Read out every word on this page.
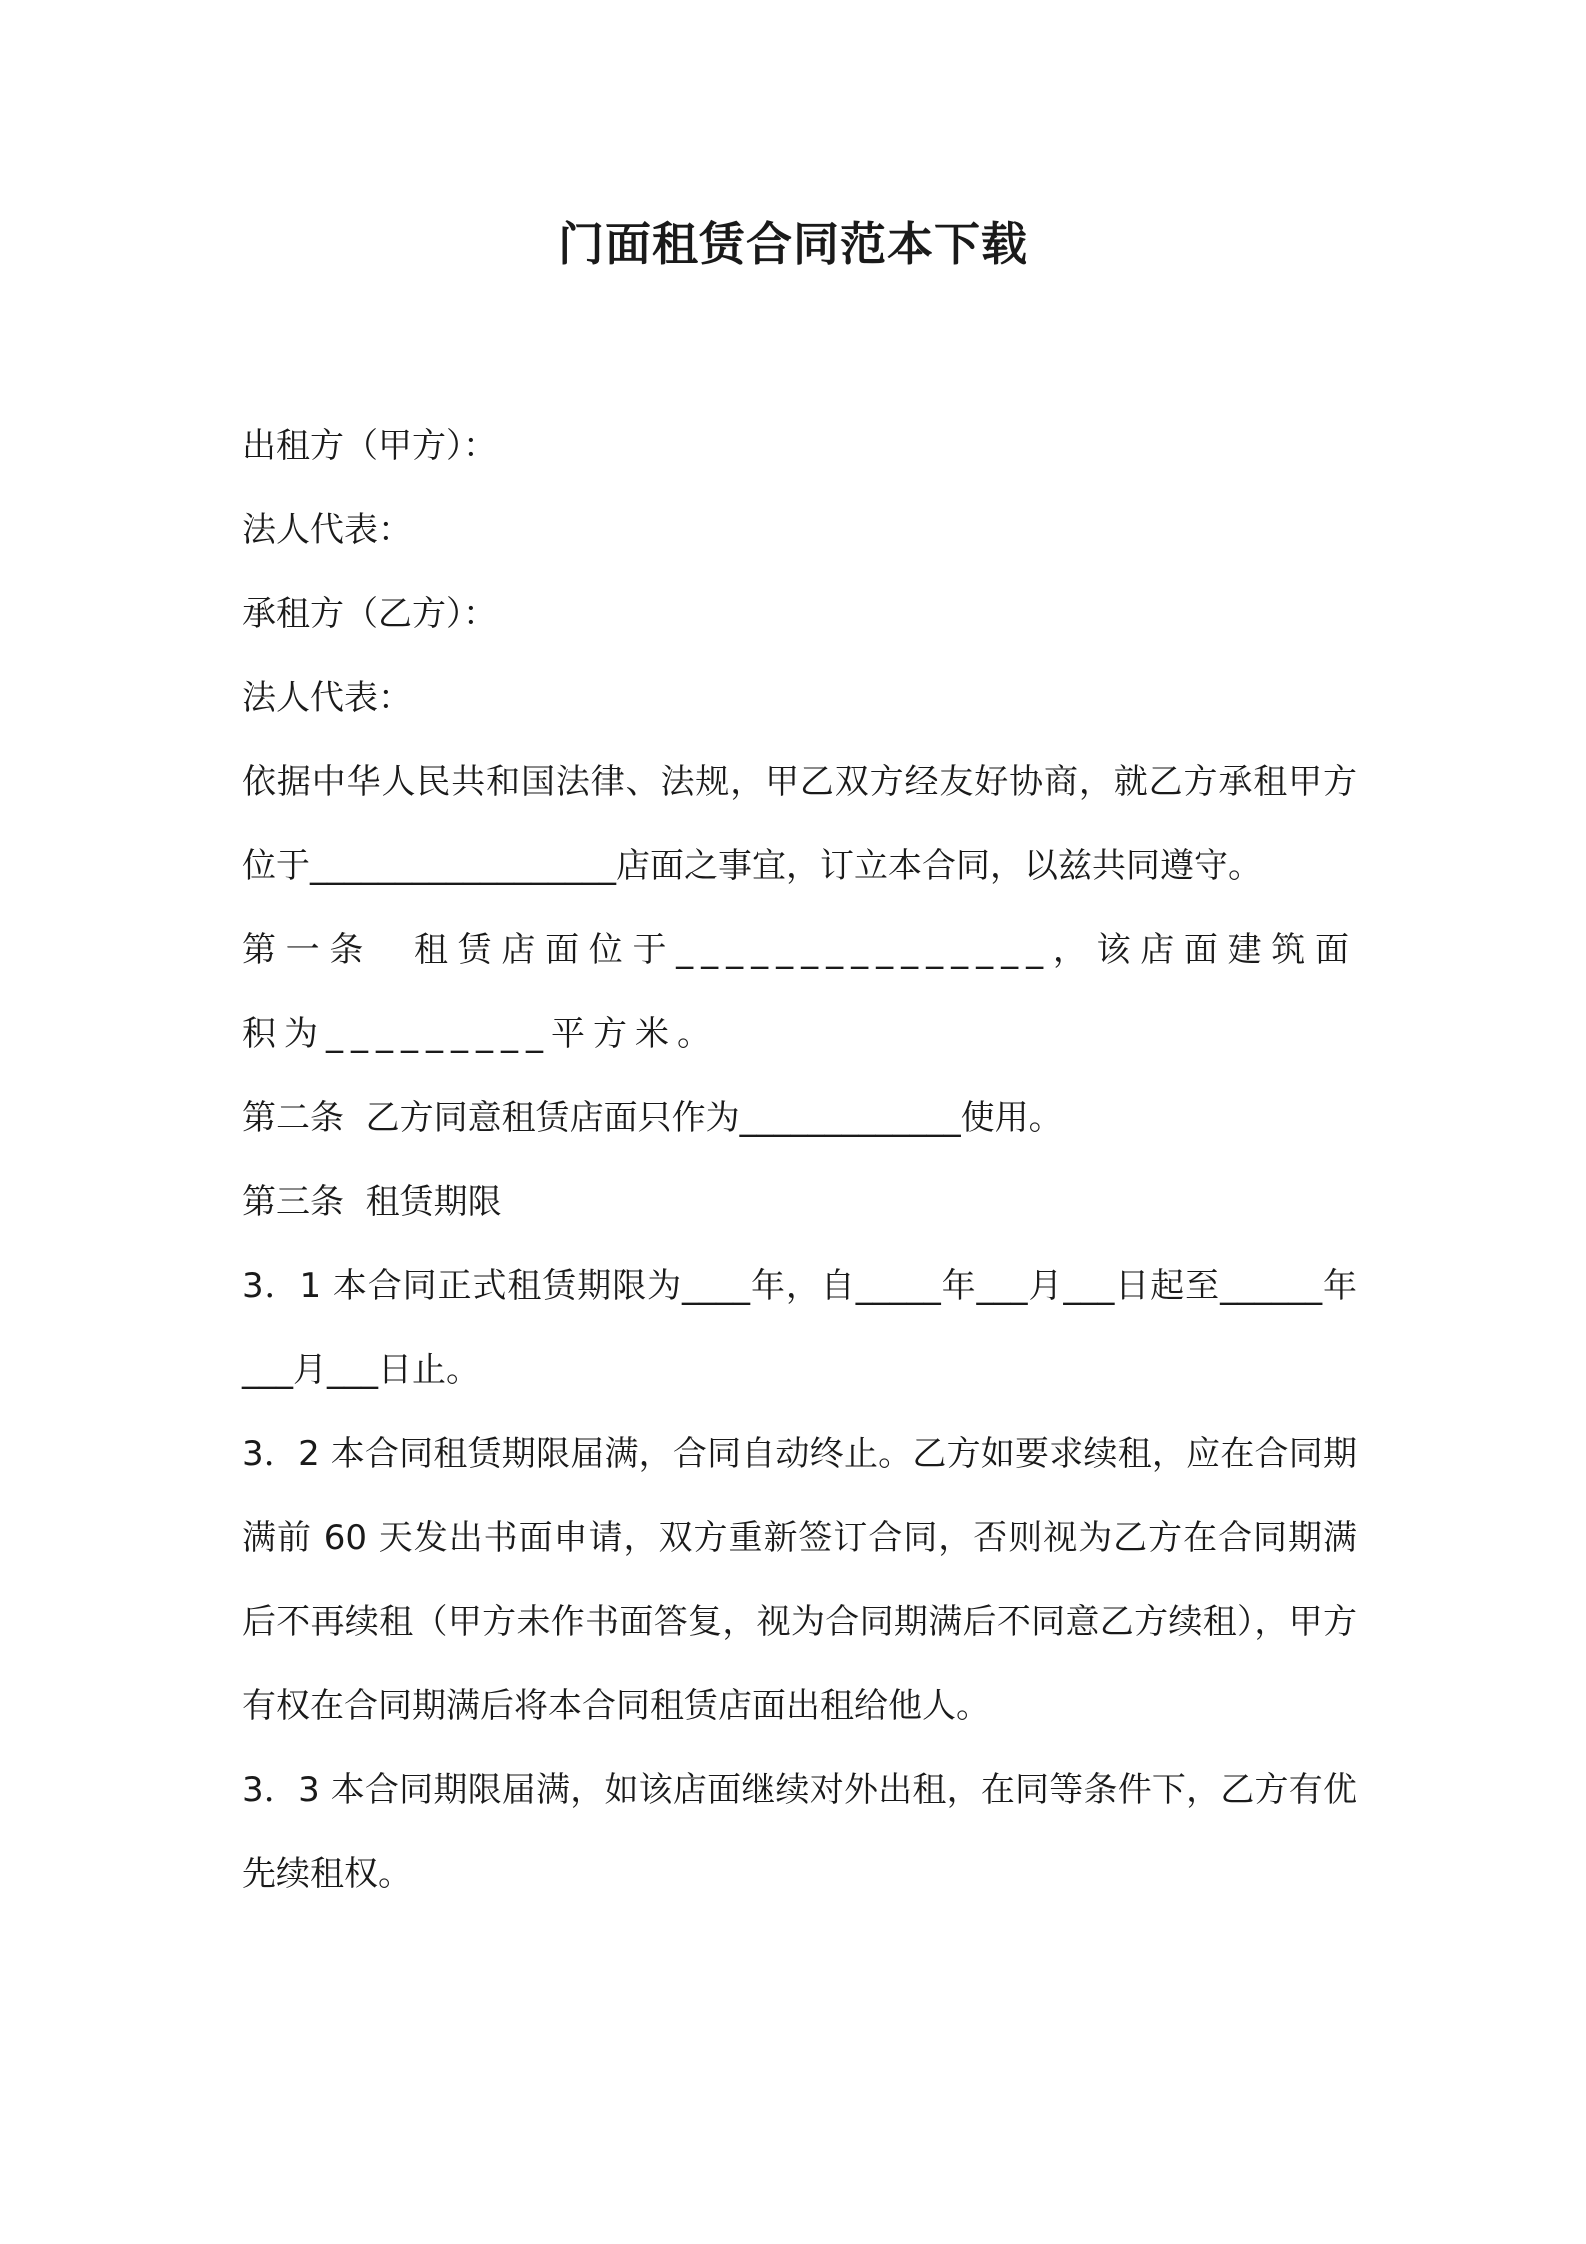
门面租赁合同范本下载

出租方（甲方）：

法人代表：

承租方（乙方）：

法人代表：

依据中华人民共和国法律、法规，甲乙双方经友好协商，就乙方承租甲方位于__________________店面之事宜，订立本合同，以兹共同遵守。

第一条  租赁店面位于_______________，该店面建筑面积为_________平方米。

第二条  乙方同意租赁店面只作为_____________使用。

第三条  租赁期限

3．1 本合同正式租赁期限为____年，自_____年___月___日起至______年___月___日止。

3．2 本合同租赁期限届满，合同自动终止。乙方如要求续租，应在合同期满前 60 天发出书面申请，双方重新签订合同，否则视为乙方在合同期满后不再续租（甲方未作书面答复，视为合同期满后不同意乙方续租），甲方有权在合同期满后将本合同租赁店面出租给他人。

3．3 本合同期限届满，如该店面继续对外出租，在同等条件下，乙方有优先续租权。
